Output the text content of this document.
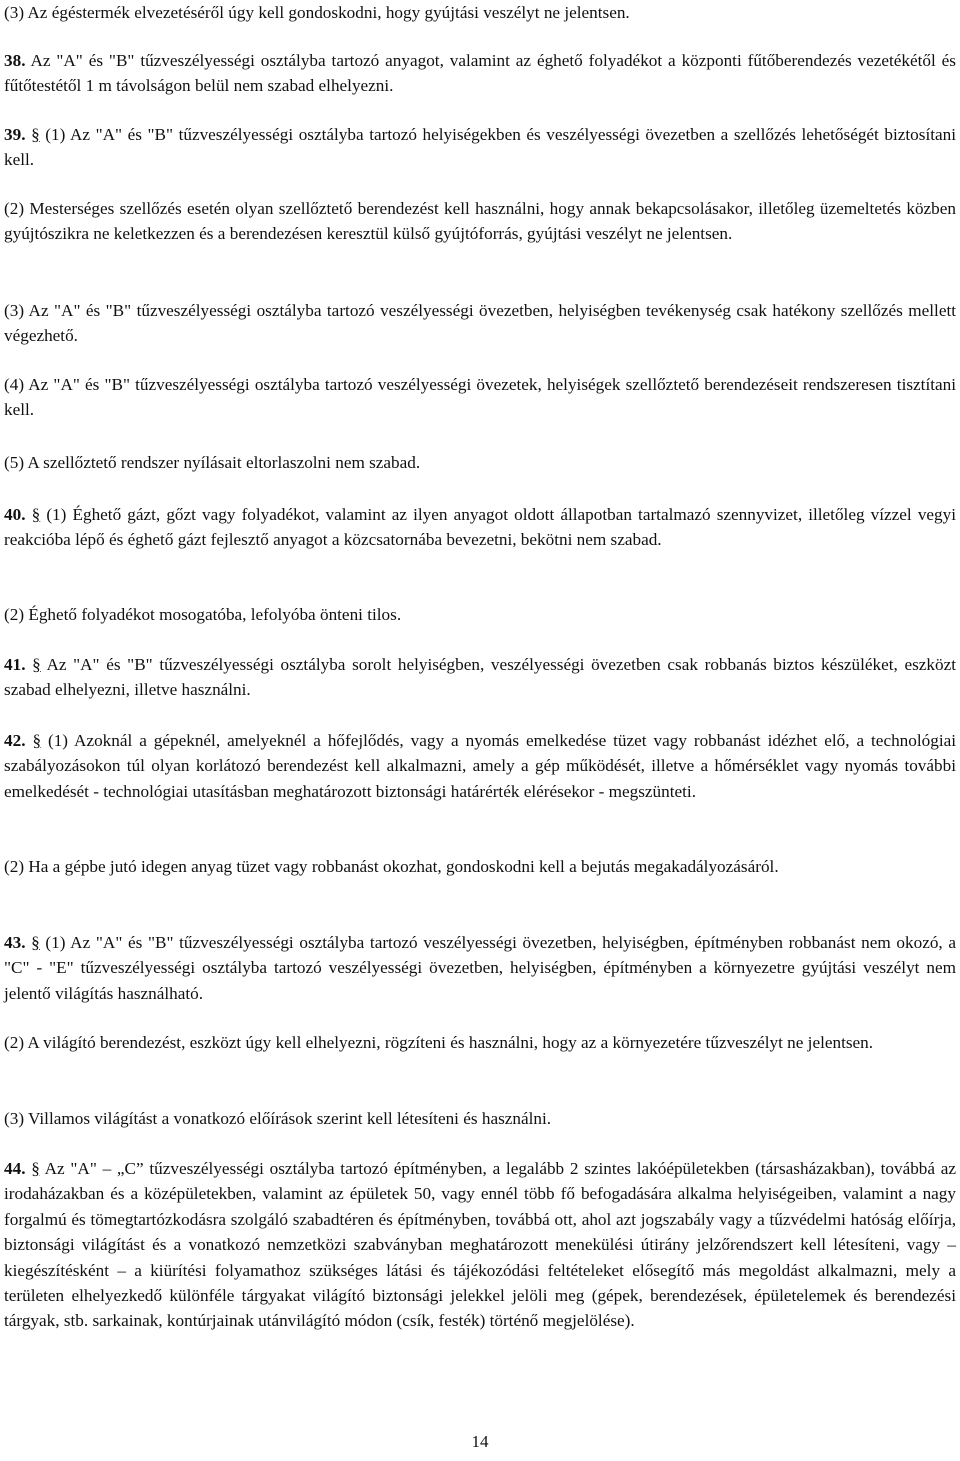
(3) Az égéstermék elvezetéséről úgy kell gondoskodni, hogy gyújtási veszélyt ne jelentsen.

38. Az "A" és "B" tűzveszélyességi osztályba tartozó anyagot, valamint az éghető folyadékot a központi fűtőberendezés vezetékétől és fűtőtestétől 1 m távolságon belül nem szabad elhelyezni.

39. § (1) Az "A" és "B" tűzveszélyességi osztályba tartozó helyiségekben és veszélyességi övezetben a szellőzés lehetőségét biztosítani kell.

(2) Mesterséges szellőzés esetén olyan szellőztető berendezést kell használni, hogy annak bekapcsolásakor, illetőleg üzemeltetés közben gyújtószikra ne keletkezzen és a berendezésen keresztül külső gyújtóforrás, gyújtási veszélyt ne jelentsen.

(3) Az "A" és "B" tűzveszélyességi osztályba tartozó veszélyességi övezetben, helyiségben tevékenység csak hatékony szellőzés mellett végezhető.

(4) Az "A" és "B" tűzveszélyességi osztályba tartozó veszélyességi övezetek, helyiségek szellőztető berendezéseit rendszeresen tisztítani kell.

(5) A szellőztető rendszer nyílásait eltorlaszolni nem szabad.

40. § (1) Éghető gázt, gőzt vagy folyadékot, valamint az ilyen anyagot oldott állapotban tartalmazó szennyvizet, illetőleg vízzel vegyi reakcióba lépő és éghető gázt fejlesztő anyagot a közcsatornába bevezetni, bekötni nem szabad.

(2) Éghető folyadékot mosogatóba, lefolyóba önteni tilos.

41. § Az "A" és "B" tűzveszélyességi osztályba sorolt helyiségben, veszélyességi övezetben csak robbanás biztos készüléket, eszközt szabad elhelyezni, illetve használni.

42. § (1) Azoknál a gépeknél, amelyeknél a hőfejlődés, vagy a nyomás emelkedése tüzet vagy robbanást idézhet elő, a technológiai szabályozásokon túl olyan korlátozó berendezést kell alkalmazni, amely a gép működését, illetve a hőmérséklet vagy nyomás további emelkedését - technológiai utasításban meghatározott biztonsági határérték elérésekor - megszünteti.

(2) Ha a gépbe jutó idegen anyag tüzet vagy robbanást okozhat, gondoskodni kell a bejutás megakadályozásáról.

43. § (1) Az "A" és "B" tűzveszélyességi osztályba tartozó veszélyességi övezetben, helyiségben, építményben robbanást nem okozó, a "C" - "E" tűzveszélyességi osztályba tartozó veszélyességi övezetben, helyiségben, építményben a környezetre gyújtási veszélyt nem jelentő világítás használható.

(2) A világító berendezést, eszközt úgy kell elhelyezni, rögzíteni és használni, hogy az a környezetére tűzveszélyt ne jelentsen.

(3) Villamos világítást a vonatkozó előírások szerint kell létesíteni és használni.

44. § Az "A" – „C” tűzveszélyességi osztályba tartozó építményben, a legalább 2 szintes lakóépületekben (társasházakban), továbbá az irodaházakban és a középületekben, valamint az épületek 50, vagy ennél több fő befogadására alkalma helyiségeiben, valamint a nagy forgalmú és tömegtartózkodásra szolgáló szabadtéren és építményben, továbbá ott, ahol azt jogszabály vagy a tűzvédelmi hatóság előírja, biztonsági világítást és a vonatkozó nemzetközi szabványban meghatározott menekülési útirány jelzőrendszert kell létesíteni, vagy – kiegészítésként – a kiürítési folyamathoz szükséges látási és tájékozódási feltételeket elősegítő más megoldást alkalmazni, mely a területen elhelyezkedő különféle tárgyakat világító biztonsági jelekkel jelöli meg (gépek, berendezések, épületelemek és berendezési tárgyak, stb. sarkainak, kontúrjainak utánvilágító módon (csík, festék) történő megjelölése).

14
